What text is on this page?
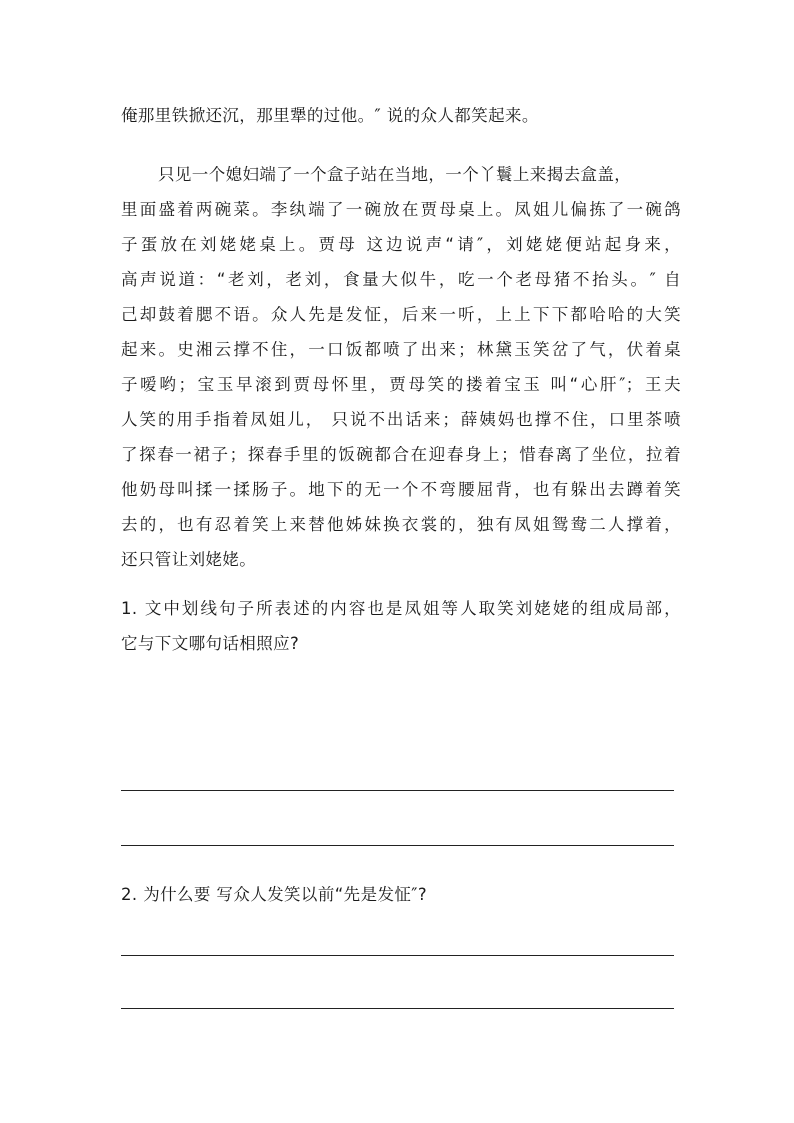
俺那里铁掀还沉，那里犟的过他。″ 说的众人都笑起来。
只见一个媳妇端了一个盒子站在当地，一个丫鬟上来揭去盒盖，
里面盛着两碗菜。李纨端了一碗放在贾母桌上。凤姐儿偏拣了一碗鸽
子蛋放在刘姥姥桌上。贾母 这边说声“请″，刘姥姥便站起身来，
高声说道：“老刘，老刘，食量大似牛，吃一个老母猪不抬头。″ 自
己却鼓着腮不语。众人先是发怔，后来一听，上上下下都哈哈的大笑
起来。史湘云撑不住，一口饭都喷了出来；林黛玉笑岔了气，伏着桌
子嗳哟；宝玉早滚到贾母怀里，贾母笑的搂着宝玉 叫“心肝″；王夫
人笑的用手指着凤姐儿， 只说不出话来；薛姨妈也撑不住，口里茶喷
了探春一裙子；探春手里的饭碗都合在迎春身上；惜春离了坐位，拉着
他奶母叫揉一揉肠子。地下的无一个不弯腰屈背，也有躲出去蹲着笑
去的，也有忍着笑上来替他姊妹换衣裳的，独有凤姐鸳鸯二人撑着，
还只管让刘姥姥。
1. 文中划线句子所表述的内容也是凤姐等人取笑刘姥姥的组成局部，
它与下文哪句话相照应?
2. 为什么要 写众人发笑以前“先是发怔″?
